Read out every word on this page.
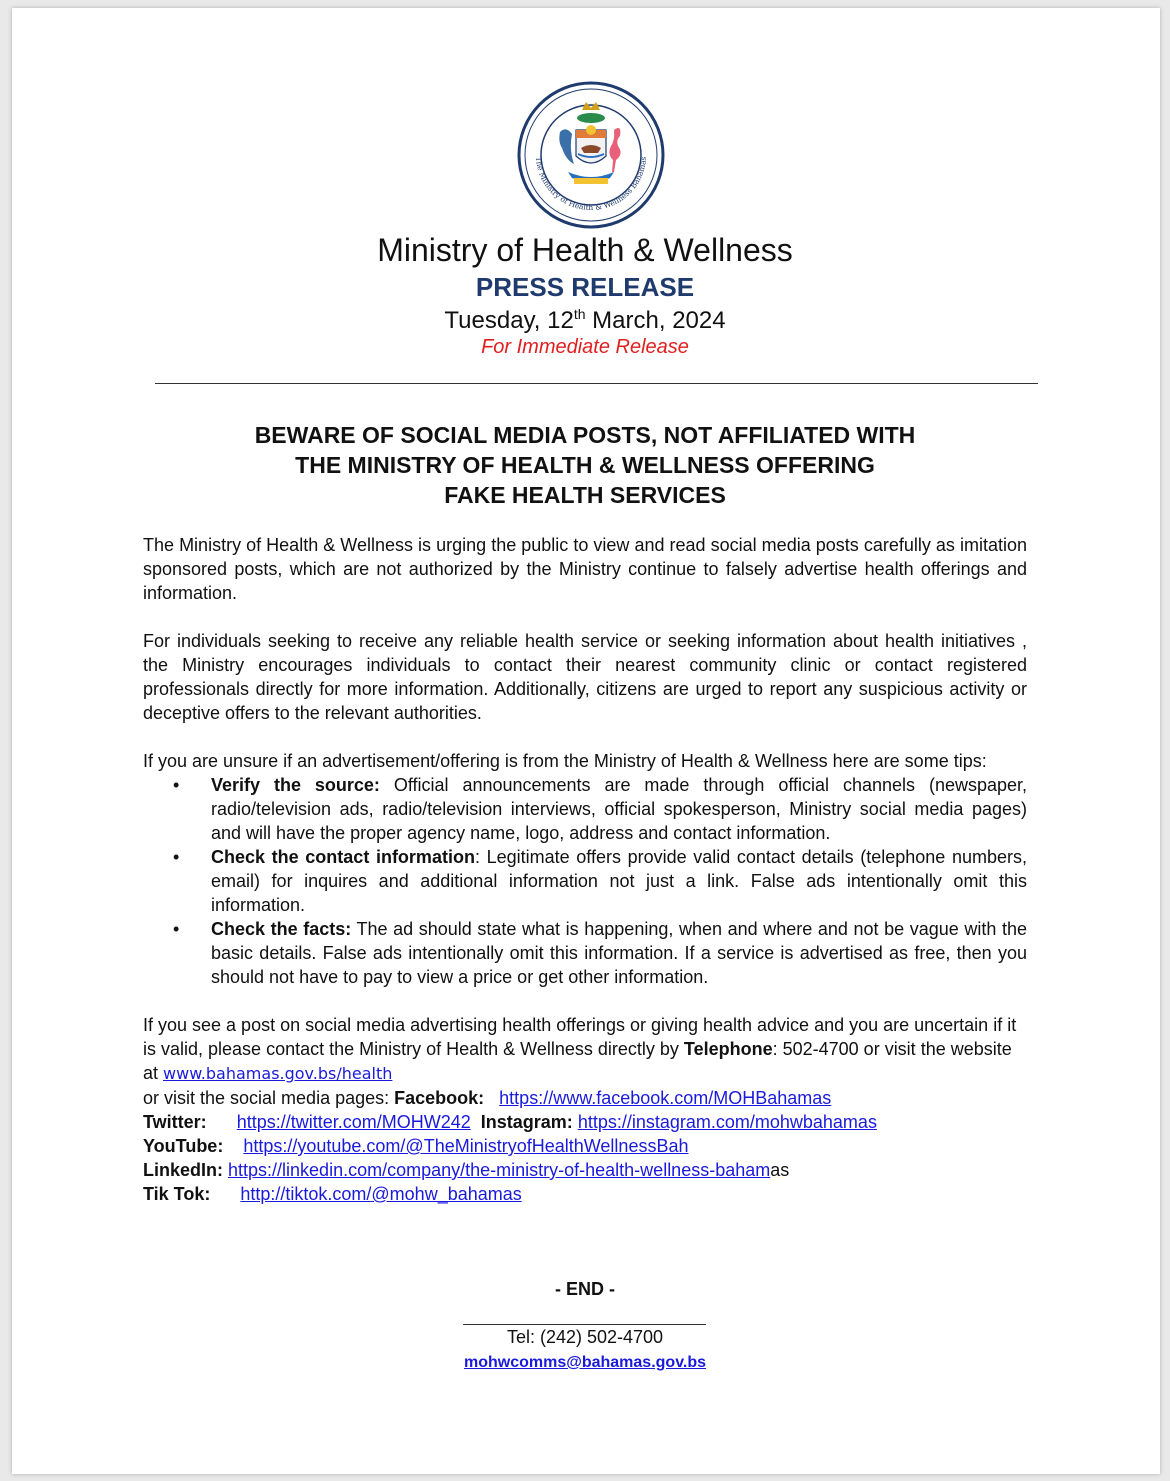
The Ministry of Health & Wellness Bahamas
Ministry of Health & Wellness
PRESS RELEASE
Tuesday, 12th March, 2024
For Immediate Release
BEWARE OF SOCIAL MEDIA POSTS, NOT AFFILIATED WITH
THE MINISTRY OF HEALTH & WELLNESS OFFERING
FAKE HEALTH SERVICES

The Ministry of Health & Wellness is urging the public to view and read social media posts carefully as imitation sponsored posts, which are not authorized by the Ministry continue to falsely advertise health offerings and information.

For individuals seeking to receive any reliable health service or seeking information about health initiatives , the Ministry encourages individuals to contact their nearest community clinic or contact registered professionals directly for more information. Additionally, citizens are urged to report any suspicious activity or deceptive offers to the relevant authorities.

If you are unsure if an advertisement/offering is from the Ministry of Health & Wellness here are some tips:

• Verify the source: Official announcements are made through official channels (newspaper, radio/television ads, radio/television interviews, official spokesperson, Ministry social media pages) and will have the proper agency name, logo, address and contact information.
• Check the contact information: Legitimate offers provide valid contact details (telephone numbers, email) for inquires and additional information not just a link. False ads intentionally omit this information.
• Check the facts: The ad should state what is happening, when and where and not be vague with the basic details. False ads intentionally omit this information. If a service is advertised as free, then you should not have to pay to view a price or get other information.

If you see a post on social media advertising health offerings or giving health advice and you are uncertain if it is valid, please contact the Ministry of Health & Wellness directly by Telephone: 502-4700 or visit the website at www.bahamas.gov.bs/health

or visit the social media pages: Facebook: https://www.facebook.com/MOHBahamas

Twitter: https://twitter.com/MOHW242 Instagram: https://instagram.com/mohwbahamas

YouTube: https://youtube.com/@TheMinistryofHealthWellnessBah

LinkedIn: https://linkedin.com/company/the-ministry-of-health-wellness-bahamas

Tik Tok: http://tiktok.com/@mohw_bahamas

- END -
Tel: (242) 502-4700
mohwcomms@bahamas.gov.bs
